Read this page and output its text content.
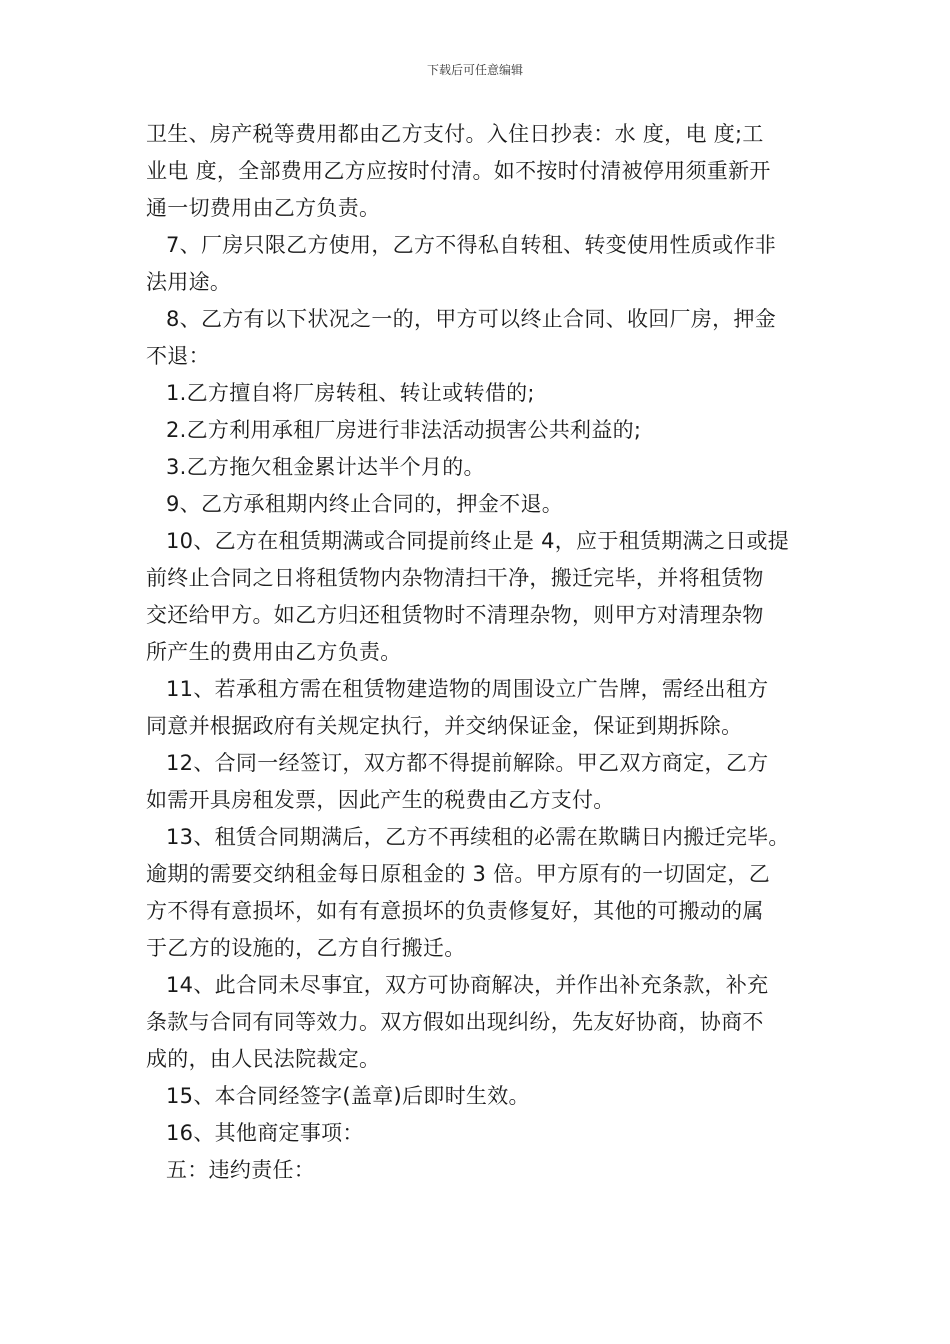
下载后可任意编辑

卫生、房产税等费用都由乙方支付。入住日抄表：水 度，电 度;工
业电 度，全部费用乙方应按时付清。如不按时付清被停用须重新开
通一切费用由乙方负责。

7、厂房只限乙方使用，乙方不得私自转租、转变使用性质或作非
法用途。

8、乙方有以下状况之一的，甲方可以终止合同、收回厂房，押金
不退：

1.乙方擅自将厂房转租、转让或转借的;

2.乙方利用承租厂房进行非法活动损害公共利益的;

3.乙方拖欠租金累计达半个月的。

9、乙方承租期内终止合同的，押金不退。

10、乙方在租赁期满或合同提前终止是 4，应于租赁期满之日或提
前终止合同之日将租赁物内杂物清扫干净，搬迁完毕，并将租赁物
交还给甲方。如乙方归还租赁物时不清理杂物，则甲方对清理杂物
所产生的费用由乙方负责。

11、若承租方需在租赁物建造物的周围设立广告牌，需经出租方
同意并根据政府有关规定执行，并交纳保证金，保证到期拆除。

12、合同一经签订，双方都不得提前解除。甲乙双方商定，乙方
如需开具房租发票，因此产生的税费由乙方支付。

13、租赁合同期满后，乙方不再续租的必需在欺瞒日内搬迁完毕。
逾期的需要交纳租金每日原租金的 3 倍。甲方原有的一切固定，乙
方不得有意损坏，如有有意损坏的负责修复好，其他的可搬动的属
于乙方的设施的，乙方自行搬迁。

14、此合同未尽事宜，双方可协商解决，并作出补充条款，补充
条款与合同有同等效力。双方假如出现纠纷，先友好协商，协商不
成的，由人民法院裁定。

15、本合同经签字(盖章)后即时生效。

16、其他商定事项：

五：违约责任：
